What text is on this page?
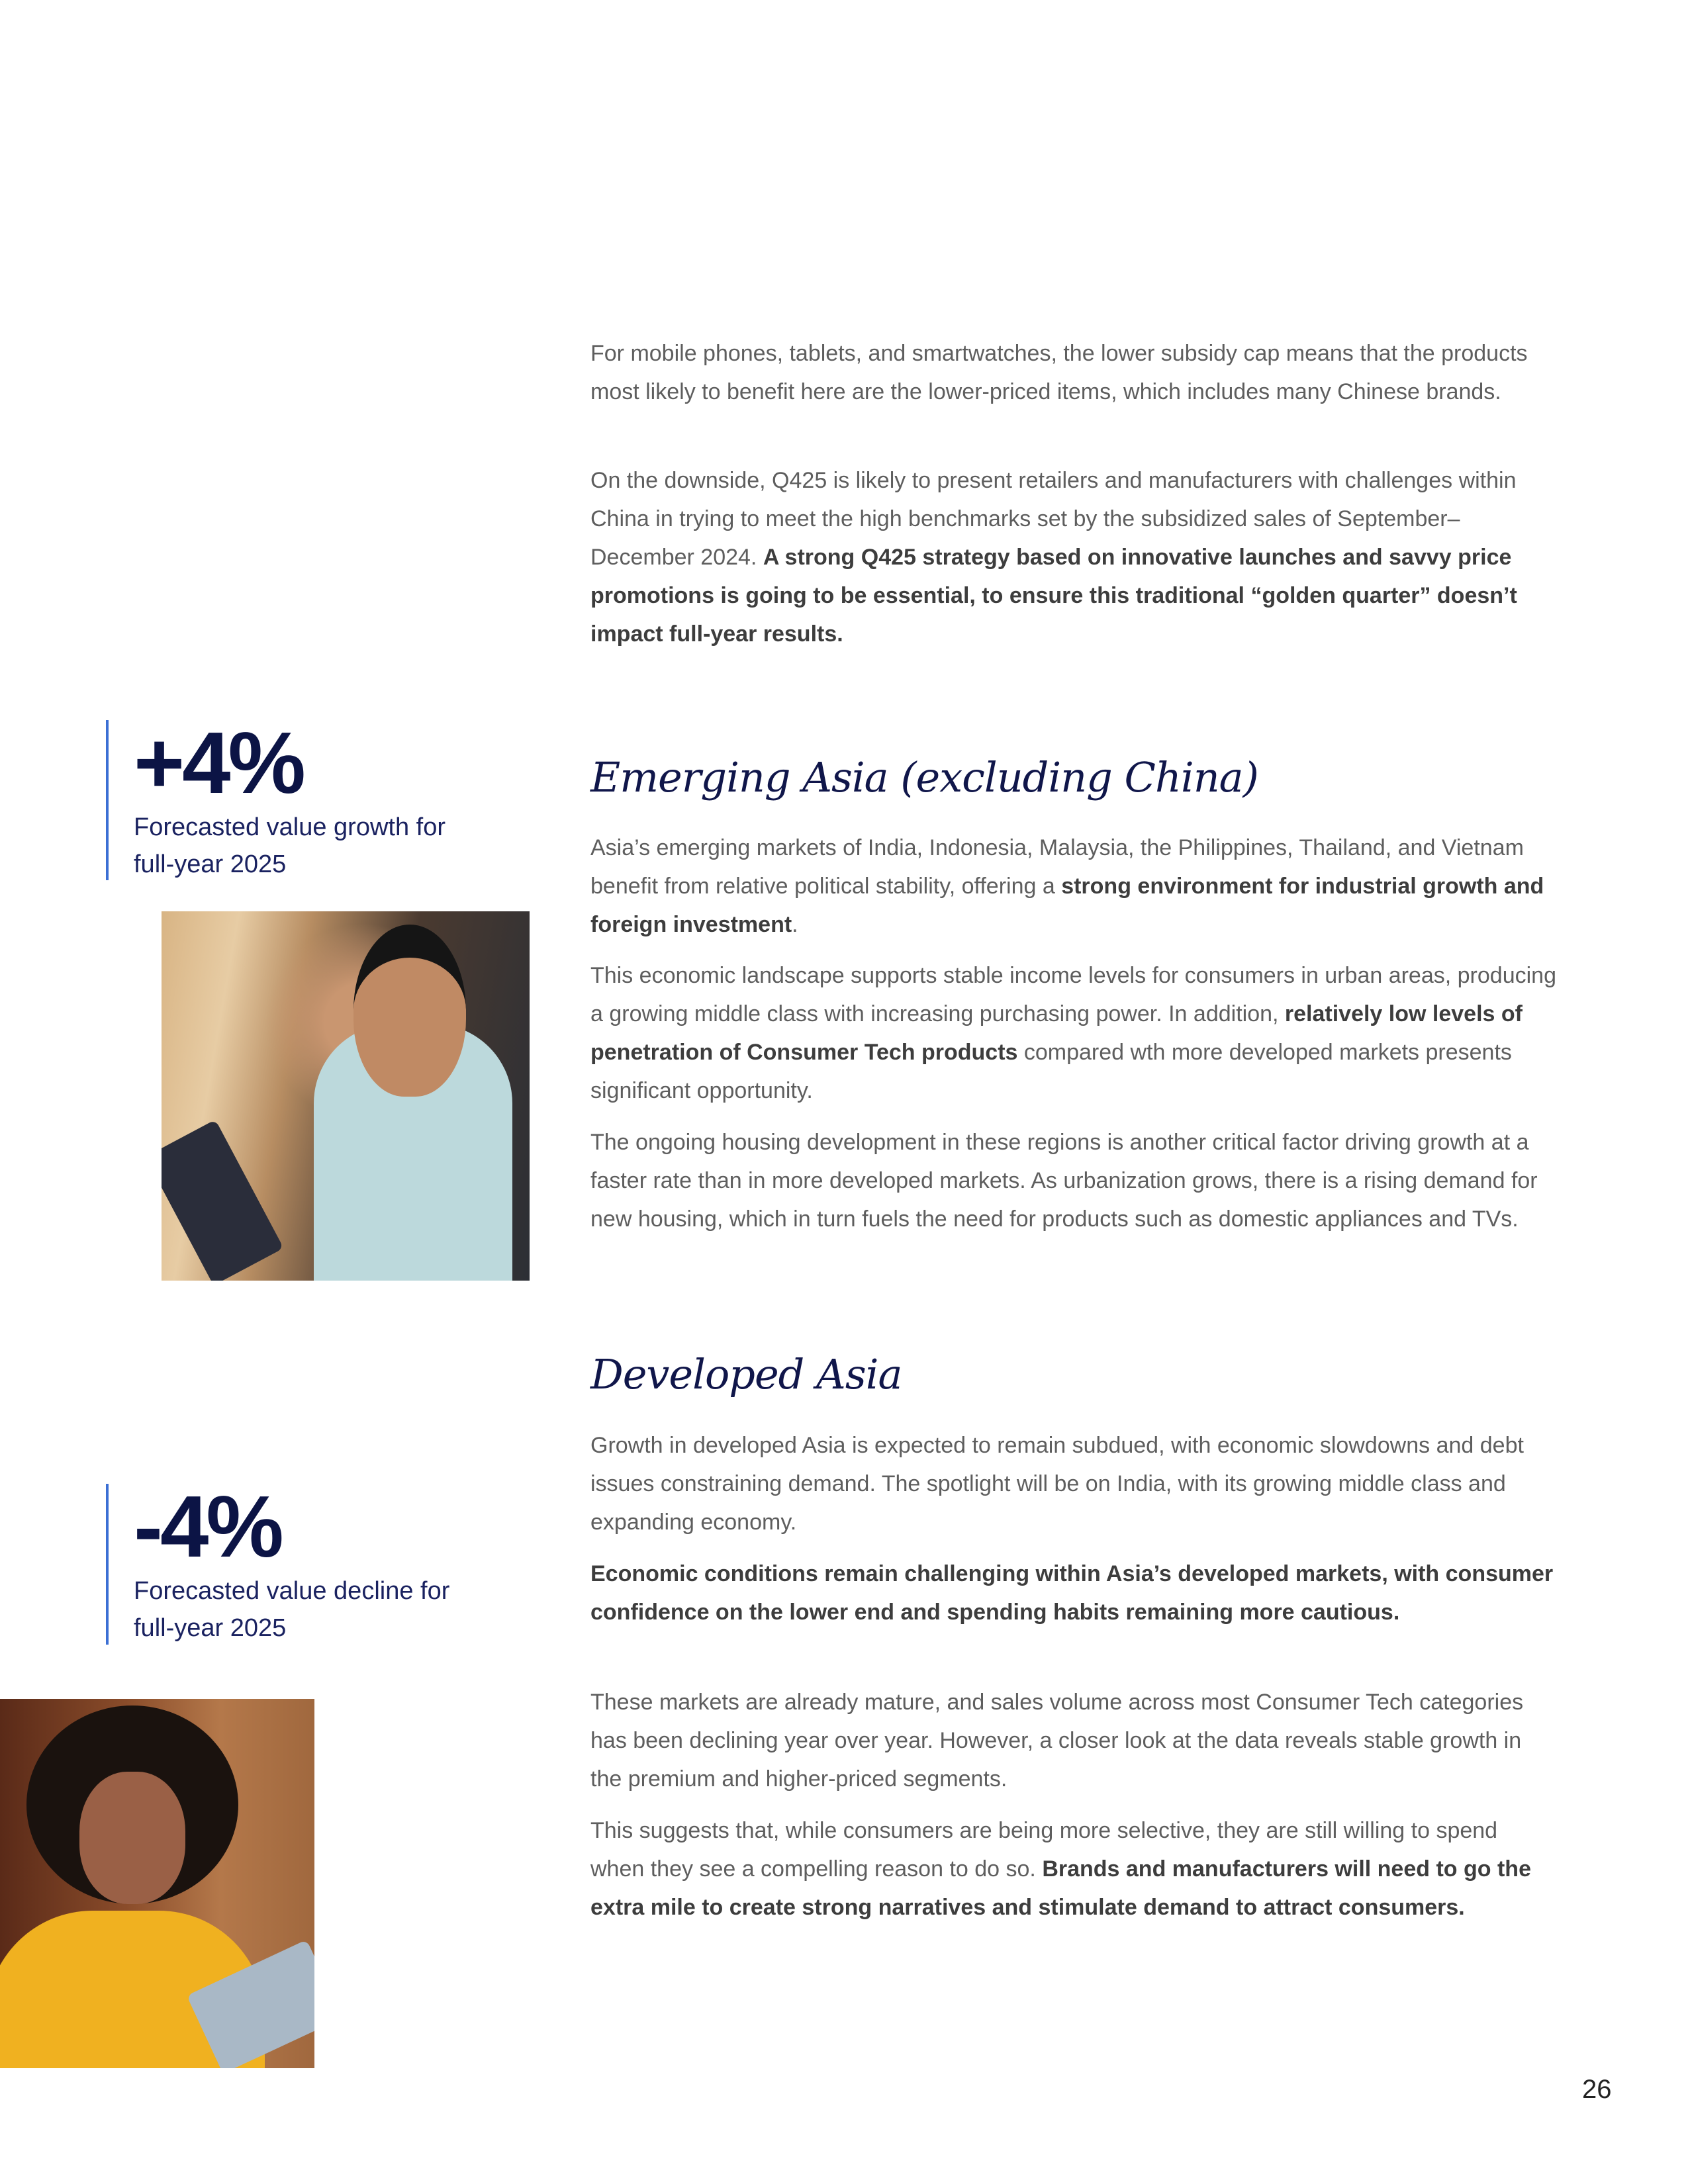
For mobile phones, tablets, and smartwatches, the lower subsidy cap means that the products most likely to benefit here are the lower-priced items, which includes many Chinese brands.

On the downside, Q425 is likely to present retailers and manufacturers with challenges within China in trying to meet the high benchmarks set by the subsidized sales of September–December 2024. A strong Q425 strategy based on innovative launches and savvy price promotions is going to be essential, to ensure this traditional “golden quarter” doesn’t impact full-year results.

+4%
Forecasted value growth for full-year 2025
Emerging Asia (excluding China)

Asia’s emerging markets of India, Indonesia, Malaysia, the Philippines, Thailand, and Vietnam benefit from relative political stability, offering a strong environment for industrial growth and foreign investment.

This economic landscape supports stable income levels for consumers in urban areas, producing a growing middle class with increasing purchasing power. In addition, relatively low levels of penetration of Consumer Tech products compared wth more developed markets presents significant opportunity.

The ongoing housing development in these regions is another critical factor driving growth at a faster rate than in more developed markets. As urbanization grows, there is a rising demand for new housing, which in turn fuels the need for products such as domestic appliances and TVs.

Developed Asia
-4%
Forecasted value decline for full-year 2025

Growth in developed Asia is expected to remain subdued, with economic slowdowns and debt issues constraining demand. The spotlight will be on India, with its growing middle class and expanding economy.

Economic conditions remain challenging within Asia’s developed markets, with consumer confidence on the lower end and spending habits remaining more cautious.

These markets are already mature, and sales volume across most Consumer Tech categories has been declining year over year. However, a closer look at the data reveals stable growth in the premium and higher-priced segments.

This suggests that, while consumers are being more selective, they are still willing to spend when they see a compelling reason to do so. Brands and manufacturers will need to go the extra mile to create strong narratives and stimulate demand to attract consumers.

26
